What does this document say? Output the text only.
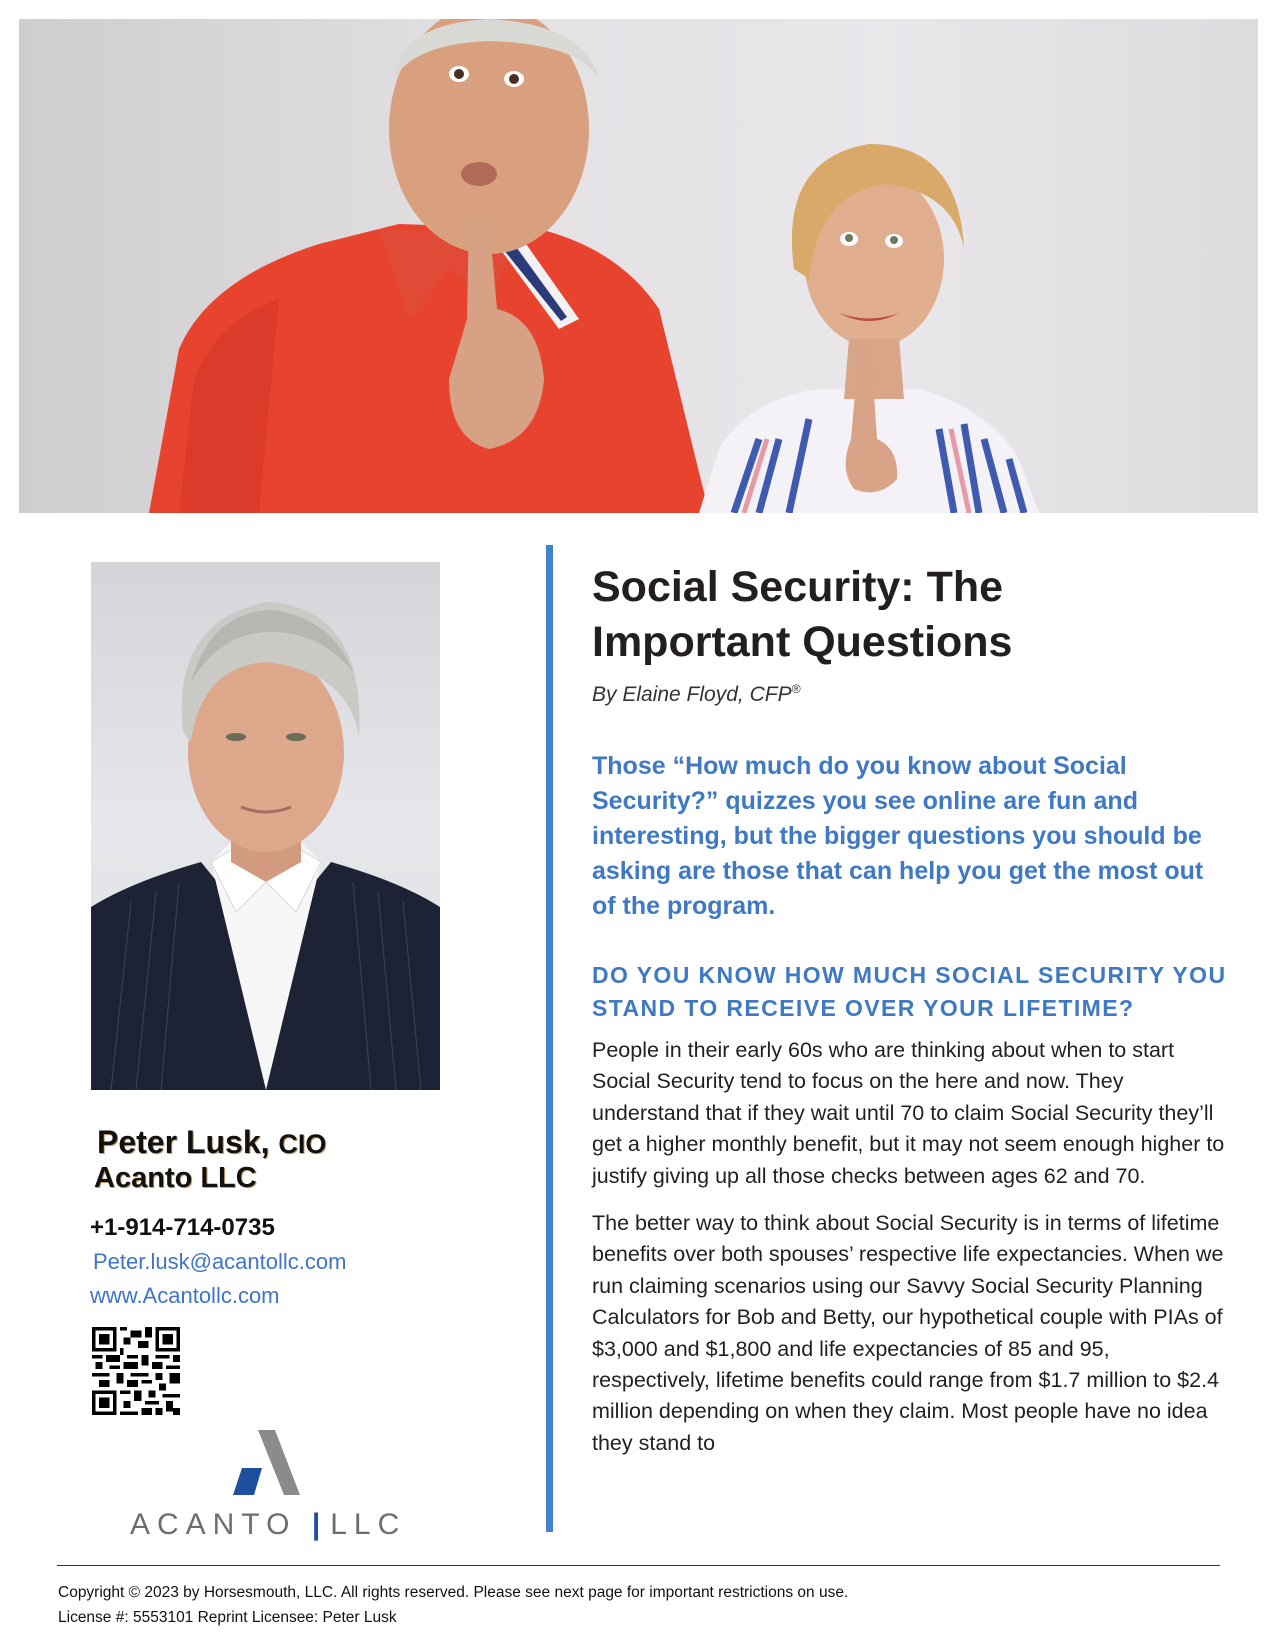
Peter Lusk, CIO
Acanto LLC
+1-914-714-0735
Peter.lusk@acantollc.com
www.Acantollc.com
ACANTO | LLC
Social Security: The
Important Questions
By Elaine Floyd, CFP®

Those “How much do you know about Social Security?” quizzes you see online are fun and interesting, but the bigger questions you should be asking are those that can help you get the most out of the program.

DO YOU KNOW HOW MUCH SOCIAL SECURITY YOU STAND TO RECEIVE OVER YOUR LIFETIME?

People in their early 60s who are thinking about when to start Social Security tend to focus on the here and now. They understand that if they wait until 70 to claim Social Security they’ll get a higher monthly benefit, but it may not seem enough higher to justify giving up all those checks between ages 62 and 70.

The better way to think about Social Security is in terms of lifetime benefits over both spouses’ respective life expectancies. When we run claiming scenarios using our Savvy Social Security Planning Calculators for Bob and Betty, our hypothetical couple with PIAs of $3,000 and $1,800 and life expectancies of 85 and 95, respectively, lifetime benefits could range from $1.7 million to $2.4 million depending on when they claim. Most people have no idea they stand to

Copyright © 2023 by Horsesmouth, LLC. All rights reserved. Please see next page for important restrictions on use.
License #: 5553101 Reprint Licensee: Peter Lusk
